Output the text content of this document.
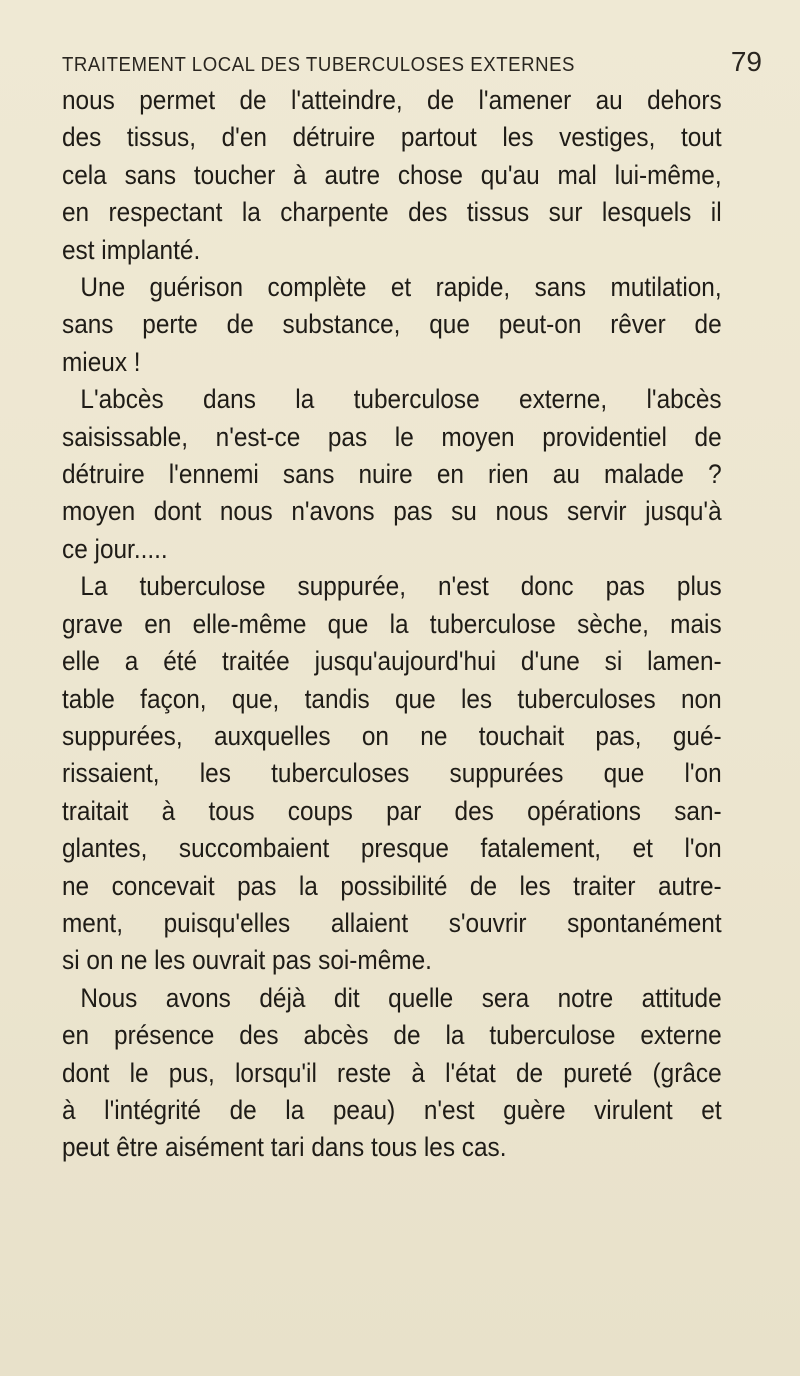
TRAITEMENT LOCAL DES TUBERCULOSES EXTERNES	79

nous permet de l'atteindre, de l'amener au dehors

des tissus, d'en détruire partout les vestiges, tout

cela sans toucher à autre chose qu'au mal lui-même,

en respectant la charpente des tissus sur lesquels il

est implanté.

Une guérison complète et rapide, sans mutilation,

sans perte de substance, que peut-on rêver de

mieux !

L'abcès dans la tuberculose externe, l'abcès

saisissable, n'est-ce pas le moyen providentiel de

détruire l'ennemi sans nuire en rien au malade ?

moyen dont nous n'avons pas su nous servir jusqu'à

ce jour.....

La tuberculose suppurée, n'est donc pas plus

grave en elle-même que la tuberculose sèche, mais

elle a été traitée jusqu'aujourd'hui d'une si lamen-

table façon, que, tandis que les tuberculoses non

suppurées, auxquelles on ne touchait pas, gué-

rissaient, les tuberculoses suppurées que l'on

traitait à tous coups par des opérations san-

glantes, succombaient presque fatalement, et l'on

ne concevait pas la possibilité de les traiter autre-

ment, puisqu'elles allaient s'ouvrir spontanément

si on ne les ouvrait pas soi-même.

Nous avons déjà dit quelle sera notre attitude

en présence des abcès de la tuberculose externe

dont le pus, lorsqu'il reste à l'état de pureté (grâce

à l'intégrité de la peau) n'est guère virulent et

peut être aisément tari dans tous les cas.
